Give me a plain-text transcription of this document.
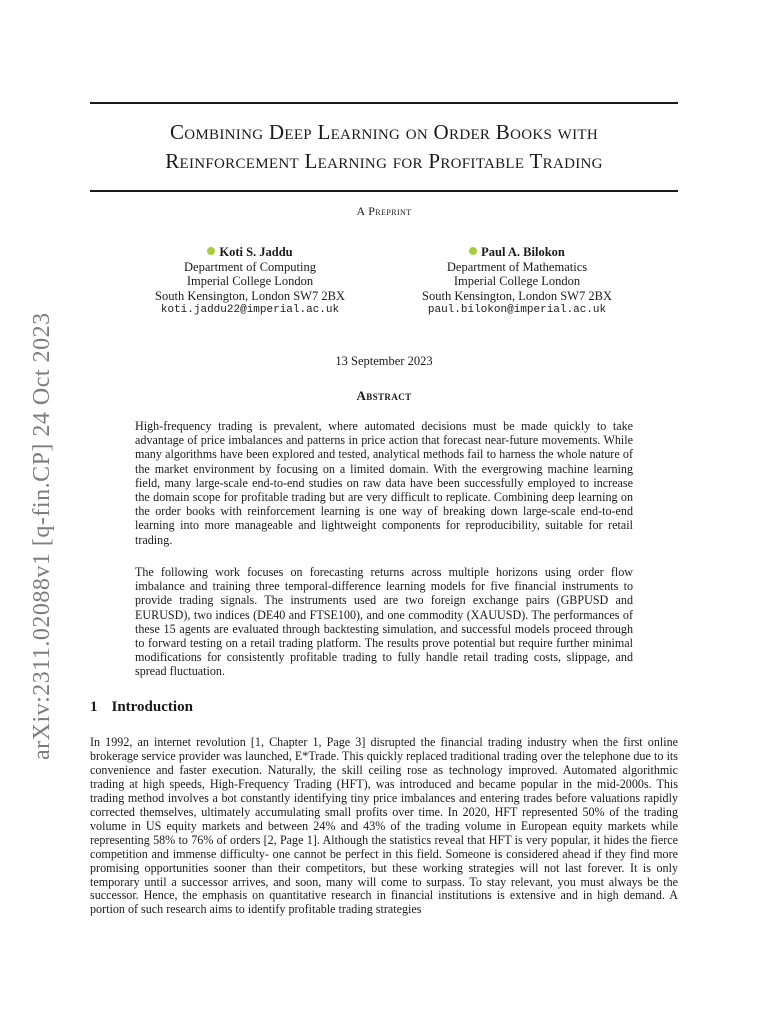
arXiv:2311.02088v1 [q-fin.CP] 24 Oct 2023
Combining Deep Learning on Order Books with
Reinforcement Learning for Profitable Trading
A Preprint
Koti S. Jaddu
Department of Computing
Imperial College London
South Kensington, London SW7 2BX
koti.jaddu22@imperial.ac.uk
Paul A. Bilokon
Department of Mathematics
Imperial College London
South Kensington, London SW7 2BX
paul.bilokon@imperial.ac.uk
13 September 2023
Abstract

High-frequency trading is prevalent, where automated decisions must be made quickly to take advantage of price imbalances and patterns in price action that forecast near-future movements. While many algorithms have been explored and tested, analytical methods fail to harness the whole nature of the market environment by focusing on a limited domain. With the evergrowing machine learning field, many large-scale end-to-end studies on raw data have been successfully employed to increase the domain scope for profitable trading but are very difficult to replicate. Combining deep learning on the order books with reinforcement learning is one way of breaking down large-scale end-to-end learning into more manageable and lightweight components for reproducibility, suitable for retail trading.

The following work focuses on forecasting returns across multiple horizons using order flow imbalance and training three temporal-difference learning models for five financial instruments to provide trading signals. The instruments used are two foreign exchange pairs (GBPUSD and EURUSD), two indices (DE40 and FTSE100), and one commodity (XAUUSD). The performances of these 15 agents are evaluated through backtesting simulation, and successful models proceed through to forward testing on a retail trading platform. The results prove potential but require further minimal modifications for consistently profitable trading to fully handle retail trading costs, slippage, and spread fluctuation.

1 Introduction

In 1992, an internet revolution [1, Chapter 1, Page 3] disrupted the financial trading industry when the first online brokerage service provider was launched, E*Trade. This quickly replaced traditional trading over the telephone due to its convenience and faster execution. Naturally, the skill ceiling rose as technology improved. Automated algorithmic trading at high speeds, High-Frequency Trading (HFT), was introduced and became popular in the mid-2000s. This trading method involves a bot constantly identifying tiny price imbalances and entering trades before valuations rapidly corrected themselves, ultimately accumulating small profits over time. In 2020, HFT represented 50% of the trading volume in US equity markets and between 24% and 43% of the trading volume in European equity markets while representing 58% to 76% of orders [2, Page 1]. Although the statistics reveal that HFT is very popular, it hides the fierce competition and immense difficulty- one cannot be perfect in this field. Someone is considered ahead if they find more promising opportunities sooner than their competitors, but these working strategies will not last forever. It is only temporary until a successor arrives, and soon, many will come to surpass. To stay relevant, you must always be the successor. Hence, the emphasis on quantitative research in financial institutions is extensive and in high demand. A portion of such research aims to identify profitable trading strategies
